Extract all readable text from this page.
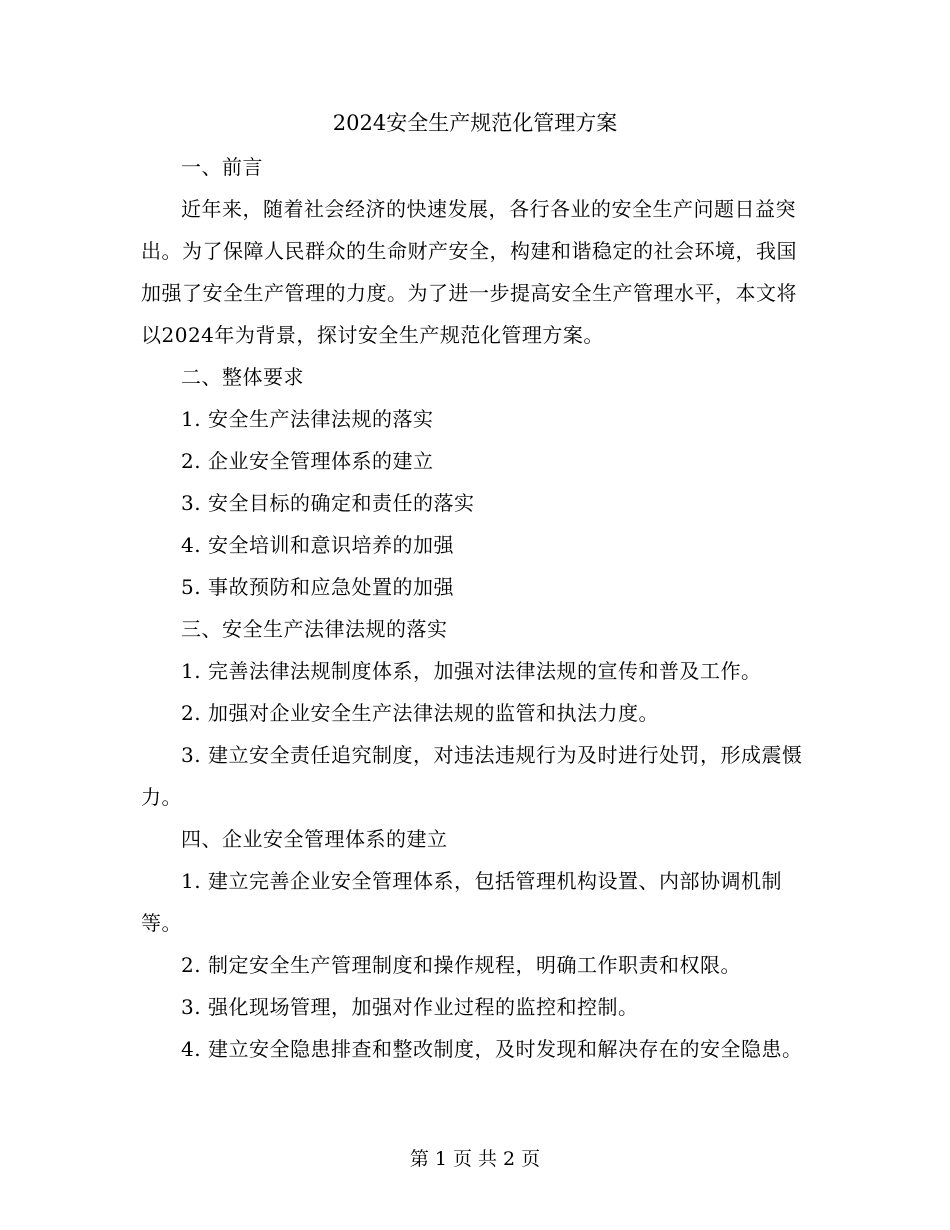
2024安全生产规范化管理方案

一、前言

近年来，随着社会经济的快速发展，各行各业的安全生产问题日益突出。为了保障人民群众的生命财产安全，构建和谐稳定的社会环境，我国加强了安全生产管理的力度。为了进一步提高安全生产管理水平，本文将以2024年为背景，探讨安全生产规范化管理方案。

二、整体要求

1. 安全生产法律法规的落实

2. 企业安全管理体系的建立

3. 安全目标的确定和责任的落实

4. 安全培训和意识培养的加强

5. 事故预防和应急处置的加强

三、安全生产法律法规的落实

1. 完善法律法规制度体系，加强对法律法规的宣传和普及工作。

2. 加强对企业安全生产法律法规的监管和执法力度。

3. 建立安全责任追究制度，对违法违规行为及时进行处罚，形成震慑力。

四、企业安全管理体系的建立

1. 建立完善企业安全管理体系，包括管理机构设置、内部协调机制等。

2. 制定安全生产管理制度和操作规程，明确工作职责和权限。

3. 强化现场管理，加强对作业过程的监控和控制。

4. 建立安全隐患排查和整改制度，及时发现和解决存在的安全隐患。

第 1 页 共 2 页
